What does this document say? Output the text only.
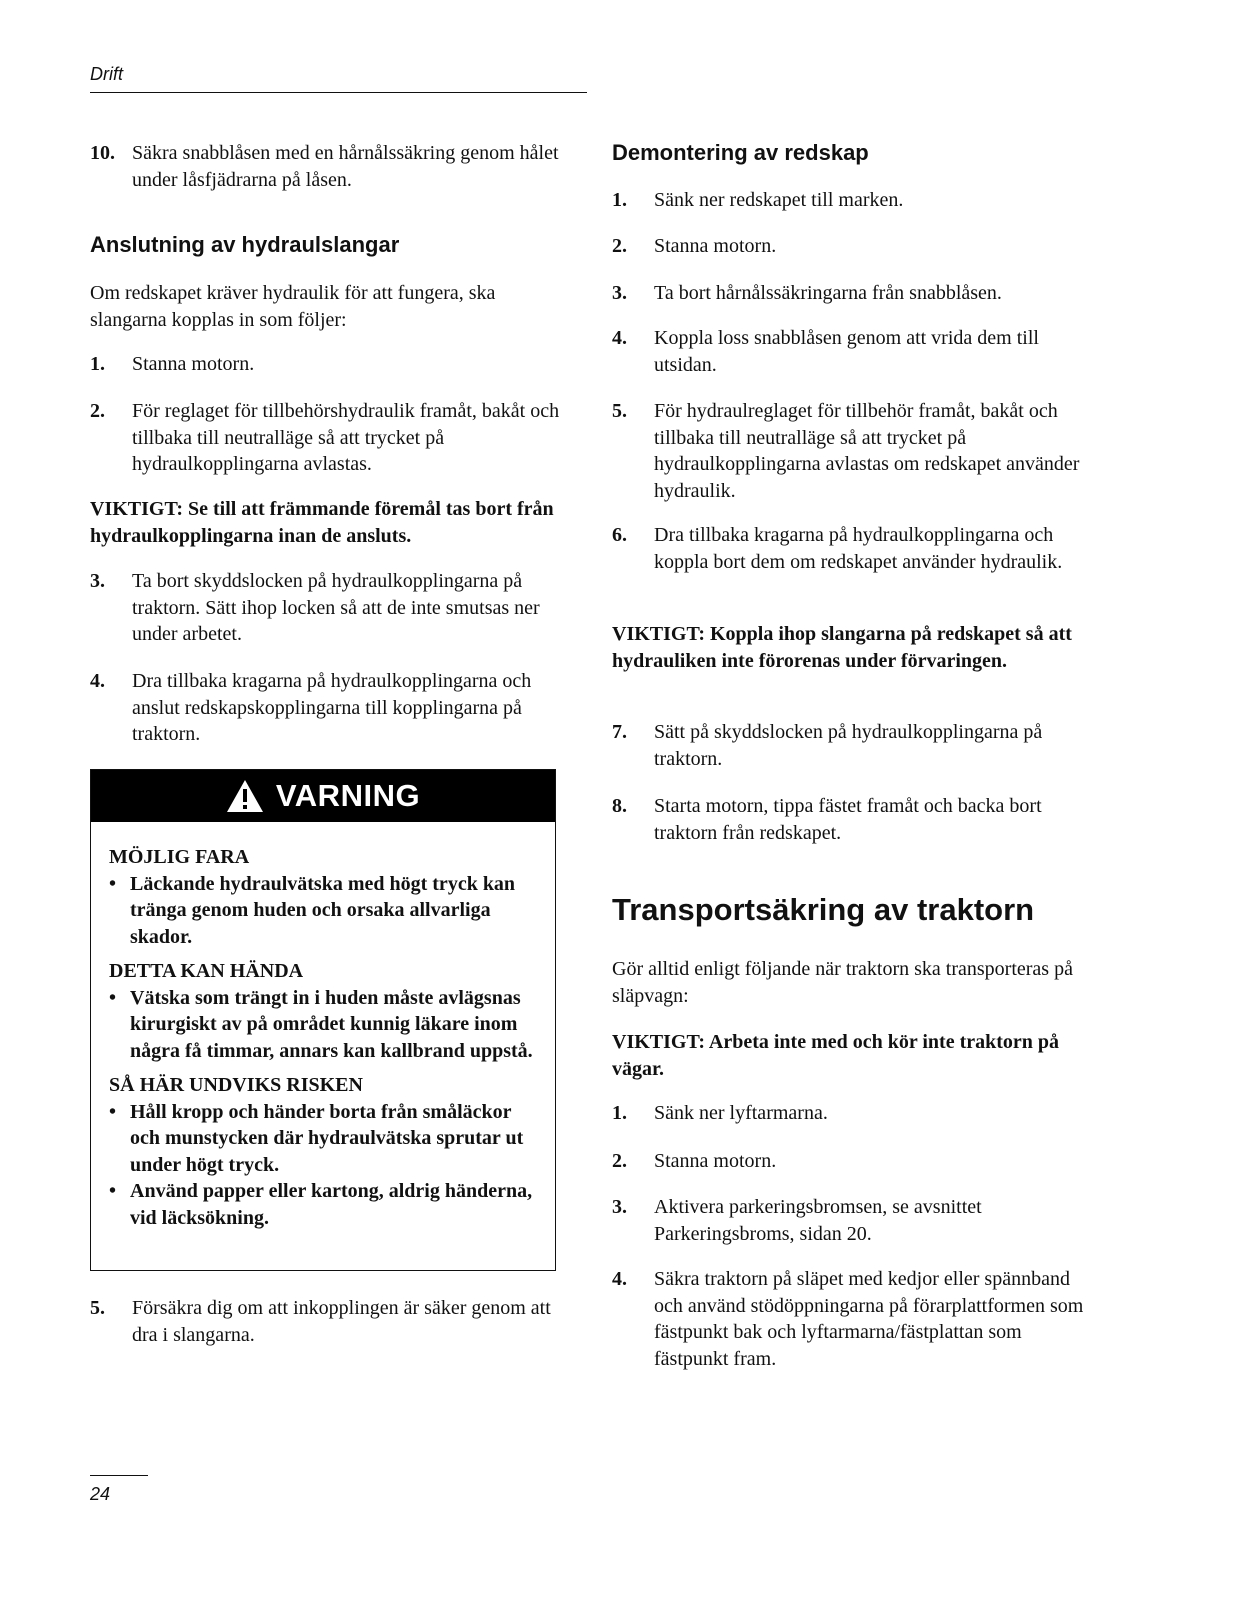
Drift
10. Säkra snabblåsen med en hårnålssäkring genom hålet under låsfjädrarna på låsen.
Anslutning av hydraulslangar

Om redskapet kräver hydraulik för att fungera, ska slangarna kopplas in som följer:

1.	Stanna motorn.
2.	För reglaget för tillbehörshydraulik framåt, bakåt och tillbaka till neutralläge så att trycket på hydraulkopplingarna avlastas.

VIKTIGT: Se till att främmande föremål tas bort från hydraulkopplingarna inan de ansluts.

3.	Ta bort skyddslocken på hydraulkopplingarna på traktorn. Sätt ihop locken så att de inte smutsas ner under arbetet.
4.	Dra tillbaka kragarna på hydraulkopplingarna och anslut redskapskopplingarna till kopplingarna på traktorn.
VARNING
MÖJLIG FARA
• Läckande hydraulvätska med högt tryck kan tränga genom huden och orsaka allvarliga skador.
DETTA KAN HÄNDA
• Vätska som trängt in i huden måste avlägsnas kirurgiskt av på området kunnig läkare inom några få timmar, annars kan kallbrand uppstå.
SÅ HÄR UNDVIKS RISKEN
• Håll kropp och händer borta från småläckor och munstycken där hydraulvätska sprutar ut under högt tryck.
• Använd papper eller kartong, aldrig händerna, vid läcksökning.
5.	Försäkra dig om att inkopplingen är säker genom att dra i slangarna.
Demontering av redskap
1.	Sänk ner redskapet till marken.
2.	Stanna motorn.
3.	Ta bort hårnålssäkringarna från snabblåsen.
4.	Koppla loss snabblåsen genom att vrida dem till utsidan.
5.	För hydraulreglaget för tillbehör framåt, bakåt och tillbaka till neutralläge så att trycket på hydraulkopplingarna avlastas om redskapet använder hydraulik.
6.	Dra tillbaka kragarna på hydraulkopplingarna och koppla bort dem om redskapet använder hydraulik.

VIKTIGT: Koppla ihop slangarna på redskapet så att hydrauliken inte förorenas under förvaringen.

7.	Sätt på skyddslocken på hydraulkopplingarna på traktorn.
8.	Starta motorn, tippa fästet framåt och backa bort traktorn från redskapet.
Transportsäkring av traktorn

Gör alltid enligt följande när traktorn ska transporteras på släpvagn:

VIKTIGT: Arbeta inte med och kör inte traktorn på vägar.

1.	Sänk ner lyftarmarna.
2.	Stanna motorn.
3.	Aktivera parkeringsbromsen, se avsnittet Parkeringsbroms, sidan 20.
4.	Säkra traktorn på släpet med kedjor eller spännband och använd stödöppningarna på förarplattformen som fästpunkt bak och lyftarmarna/fästplattan som fästpunkt fram.
24
